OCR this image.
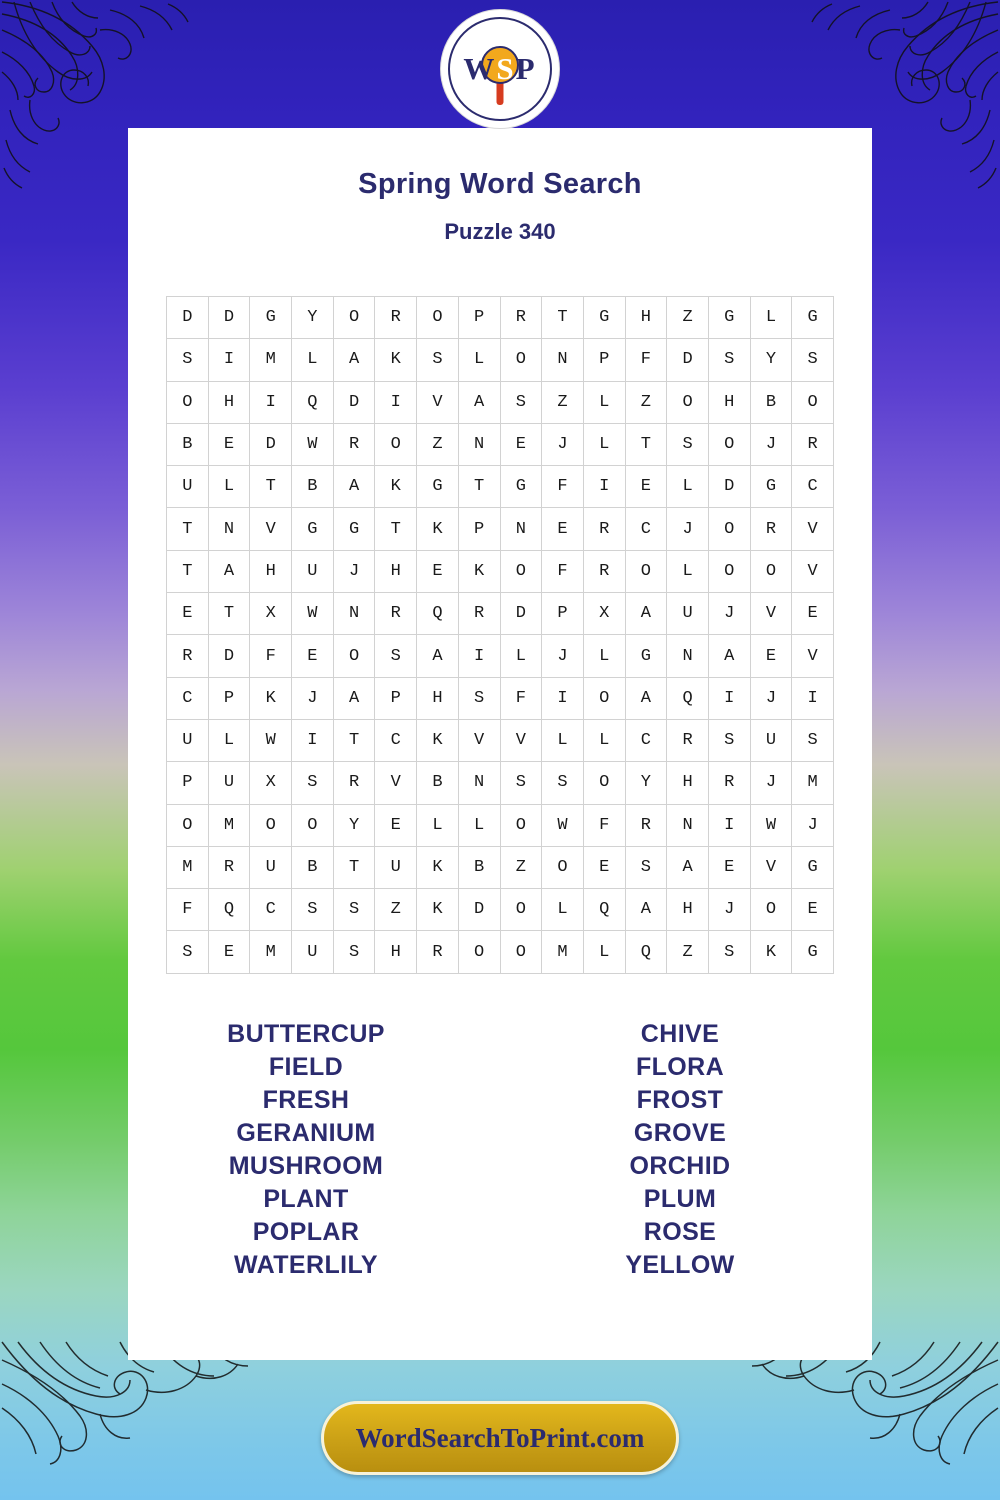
WSP
Spring Word Search
Puzzle 340
D	D	G	Y	O	R	O	P	R	T	G	H	Z	G	L	G
S	I	M	L	A	K	S	L	O	N	P	F	D	S	Y	S
O	H	I	Q	D	I	V	A	S	Z	L	Z	O	H	B	O
B	E	D	W	R	O	Z	N	E	J	L	T	S	O	J	R
U	L	T	B	A	K	G	T	G	F	I	E	L	D	G	C
T	N	V	G	G	T	K	P	N	E	R	C	J	O	R	V
T	A	H	U	J	H	E	K	O	F	R	O	L	O	O	V
E	T	X	W	N	R	Q	R	D	P	X	A	U	J	V	E
R	D	F	E	O	S	A	I	L	J	L	G	N	A	E	V
C	P	K	J	A	P	H	S	F	I	O	A	Q	I	J	I
U	L	W	I	T	C	K	V	V	L	L	C	R	S	U	S
P	U	X	S	R	V	B	N	S	S	O	Y	H	R	J	M
O	M	O	O	Y	E	L	L	O	W	F	R	N	I	W	J
M	R	U	B	T	U	K	B	Z	O	E	S	A	E	V	G
F	Q	C	S	S	Z	K	D	O	L	Q	A	H	J	O	E
S	E	M	U	S	H	R	O	O	M	L	Q	Z	S	K	G
BUTTERCUP
FIELD
FRESH
GERANIUM
MUSHROOM
PLANT
POPLAR
WATERLILY
CHIVE
FLORA
FROST
GROVE
ORCHID
PLUM
ROSE
YELLOW
WordSearchToPrint.com
